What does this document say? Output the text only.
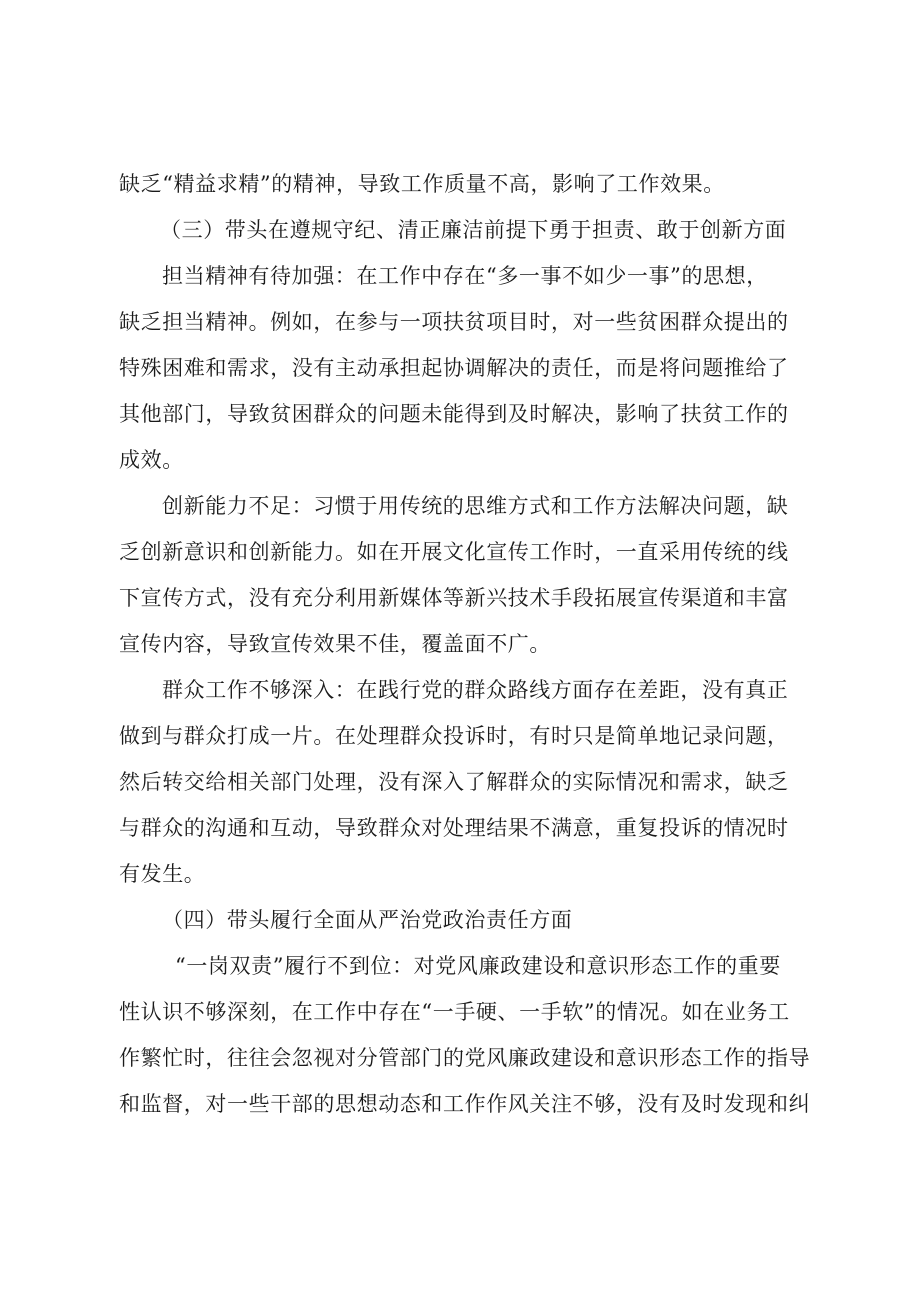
缺乏“精益求精”的精神，导致工作质量不高，影响了工作效果。
（三）带头在遵规守纪、清正廉洁前提下勇于担责、敢于创新方面
担当精神有待加强：在工作中存在“多一事不如少一事”的思想，
缺乏担当精神。例如，在参与一项扶贫项目时，对一些贫困群众提出的
特殊困难和需求，没有主动承担起协调解决的责任，而是将问题推给了
其他部门，导致贫困群众的问题未能得到及时解决，影响了扶贫工作的
成效。
创新能力不足：习惯于用传统的思维方式和工作方法解决问题，缺
乏创新意识和创新能力。如在开展文化宣传工作时，一直采用传统的线
下宣传方式，没有充分利用新媒体等新兴技术手段拓展宣传渠道和丰富
宣传内容，导致宣传效果不佳，覆盖面不广。
群众工作不够深入：在践行党的群众路线方面存在差距，没有真正
做到与群众打成一片。在处理群众投诉时，有时只是简单地记录问题，
然后转交给相关部门处理，没有深入了解群众的实际情况和需求，缺乏
与群众的沟通和互动，导致群众对处理结果不满意，重复投诉的情况时
有发生。
（四）带头履行全面从严治党政治责任方面
“一岗双责”履行不到位：对党风廉政建设和意识形态工作的重要
性认识不够深刻，在工作中存在“一手硬、一手软”的情况。如在业务工
作繁忙时，往往会忽视对分管部门的党风廉政建设和意识形态工作的指导
和监督，对一些干部的思想动态和工作作风关注不够，没有及时发现和纠
